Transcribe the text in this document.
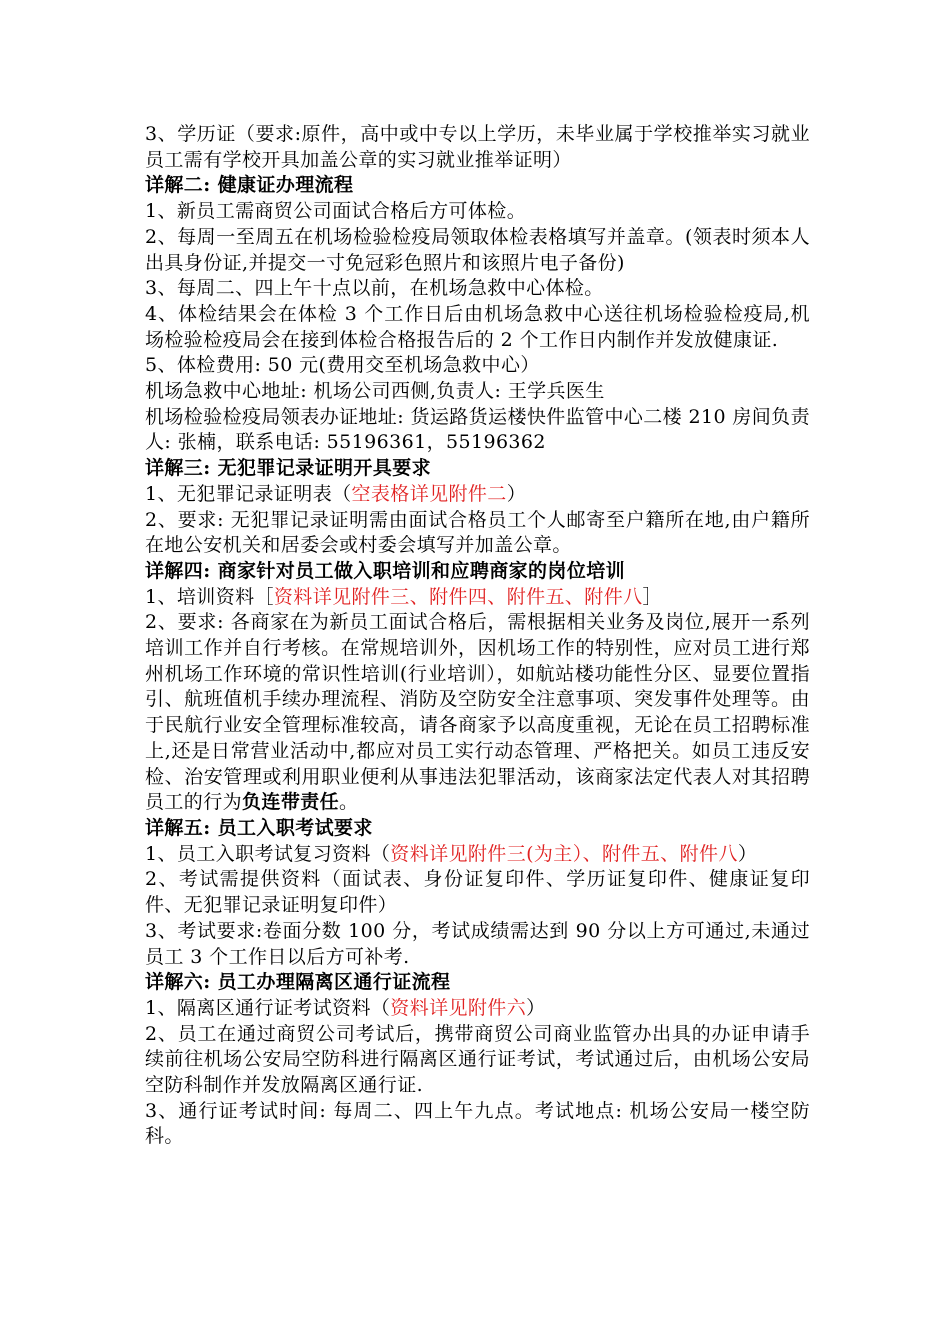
3、学历证（要求:原件，高中或中专以上学历，未毕业属于学校推举实习就业员工需有学校开具加盖公章的实习就业推举证明）

详解二: 健康证办理流程

1、新员工需商贸公司面试合格后方可体检。

2、每周一至周五在机场检验检疫局领取体检表格填写并盖章。(领表时须本人出具身份证,并提交一寸免冠彩色照片和该照片电子备份)

3、每周二、四上午十点以前，在机场急救中心体检。

4、体检结果会在体检 3 个工作日后由机场急救中心送往机场检验检疫局,机场检验检疫局会在接到体检合格报告后的 2 个工作日内制作并发放健康证.

5、体检费用: 50 元(费用交至机场急救中心）

机场急救中心地址: 机场公司西侧,负责人: 王学兵医生

机场检验检疫局领表办证地址: 货运路货运楼快件监管中心二楼 210 房间负责人: 张楠，联系电话: 55196361，55196362

详解三: 无犯罪记录证明开具要求

1、无犯罪记录证明表（空表格详见附件二）

2、要求: 无犯罪记录证明需由面试合格员工个人邮寄至户籍所在地,由户籍所在地公安机关和居委会或村委会填写并加盖公章。

详解四: 商家针对员工做入职培训和应聘商家的岗位培训

1、培训资料［资料详见附件三、附件四、附件五、附件八］

2、要求: 各商家在为新员工面试合格后，需根据相关业务及岗位,展开一系列培训工作并自行考核。在常规培训外，因机场工作的特别性，应对员工进行郑州机场工作环境的常识性培训(行业培训），如航站楼功能性分区、显要位置指引、航班值机手续办理流程、消防及空防安全注意事项、突发事件处理等。由于民航行业安全管理标准较高，请各商家予以高度重视，无论在员工招聘标准上,还是日常营业活动中,都应对员工实行动态管理、严格把关。如员工违反安检、治安管理或利用职业便利从事违法犯罪活动，该商家法定代表人对其招聘员工的行为负连带责任。

详解五: 员工入职考试要求

1、员工入职考试复习资料（资料详见附件三(为主）、附件五、附件八）

2、考试需提供资料（面试表、身份证复印件、学历证复印件、健康证复印件、无犯罪记录证明复印件）

3、考试要求:卷面分数 100 分，考试成绩需达到 90 分以上方可通过,未通过员工 3 个工作日以后方可补考.

详解六: 员工办理隔离区通行证流程

1、隔离区通行证考试资料（资料详见附件六）

2、员工在通过商贸公司考试后，携带商贸公司商业监管办出具的办证申请手续前往机场公安局空防科进行隔离区通行证考试，考试通过后，由机场公安局空防科制作并发放隔离区通行证.

3、通行证考试时间: 每周二、四上午九点。考试地点: 机场公安局一楼空防科。
